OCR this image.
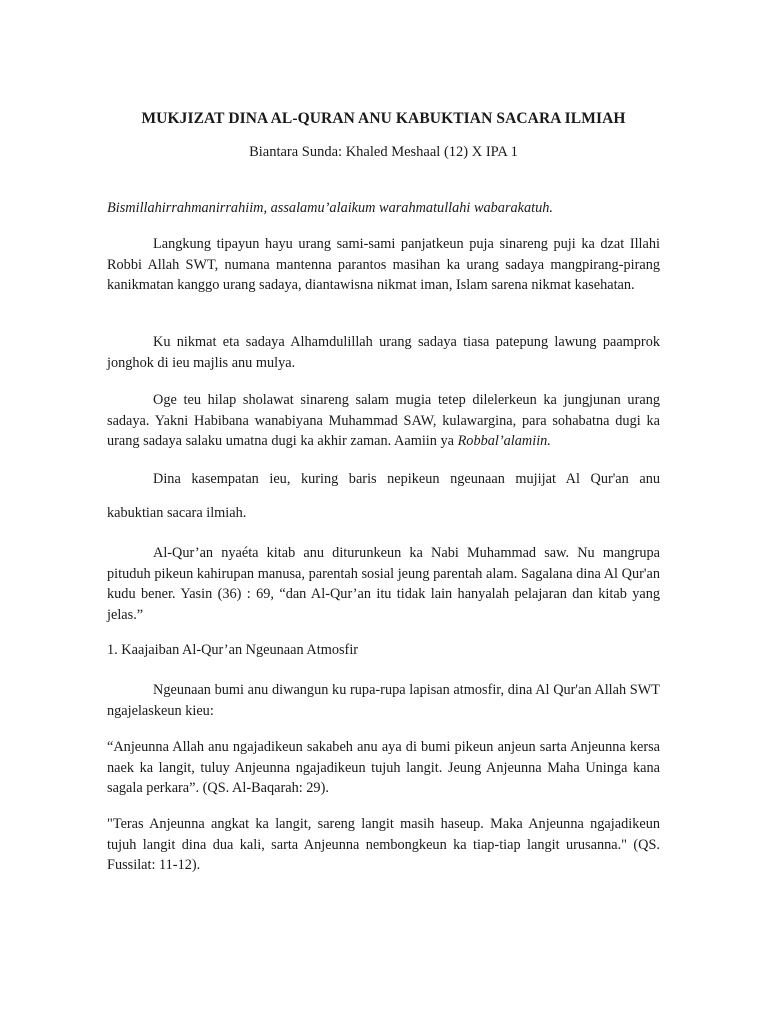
MUKJIZAT DINA AL-QURAN ANU KABUKTIAN SACARA ILMIAH

Biantara Sunda: Khaled Meshaal (12) X IPA 1

Bismillahirrahmanirrahiim, assalamu’alaikum warahmatullahi wabarakatuh.

Langkung tipayun hayu urang sami-sami panjatkeun puja sinareng puji ka dzat Illahi Robbi Allah SWT, numana mantenna parantos masihan ka urang sadaya mangpirang-pirang kanikmatan kanggo urang sadaya, diantawisna nikmat iman, Islam sarena nikmat kasehatan.

Ku nikmat eta sadaya Alhamdulillah urang sadaya tiasa patepung lawung paamprok jonghok di ieu majlis anu mulya.

Oge teu hilap sholawat sinareng salam mugia tetep dilelerkeun ka jungjunan urang sadaya. Yakni Habibana wanabiyana Muhammad SAW, kulawargina, para sohabatna dugi ka urang sadaya salaku umatna dugi ka akhir zaman. Aamiin ya Robbal’alamiin.

Dina kasempatan ieu, kuring baris nepikeun ngeunaan mujijat Al Qur'an anu

kabuktian sacara ilmiah.

Al-Qur’an nyaéta kitab anu diturunkeun ka Nabi Muhammad saw. Nu mangrupa pituduh pikeun kahirupan manusa, parentah sosial jeung parentah alam. Sagalana dina Al Qur'an kudu bener. Yasin (36) : 69, “dan Al-Qur’an itu tidak lain hanyalah pelajaran dan kitab yang jelas.”

1. Kaajaiban Al-Qur’an Ngeunaan Atmosfir

Ngeunaan bumi anu diwangun ku rupa-rupa lapisan atmosfir, dina Al Qur'an Allah SWT ngajelaskeun kieu:

“Anjeunna Allah anu ngajadikeun sakabeh anu aya di bumi pikeun anjeun sarta Anjeunna kersa naek ka langit, tuluy Anjeunna ngajadikeun tujuh langit. Jeung Anjeunna Maha Uninga kana sagala perkara”. (QS. Al-Baqarah: 29).

"Teras Anjeunna angkat ka langit, sareng langit masih haseup. Maka Anjeunna ngajadikeun tujuh langit dina dua kali, sarta Anjeunna nembongkeun ka tiap-tiap langit urusanna." (QS. Fussilat: 11-12).
